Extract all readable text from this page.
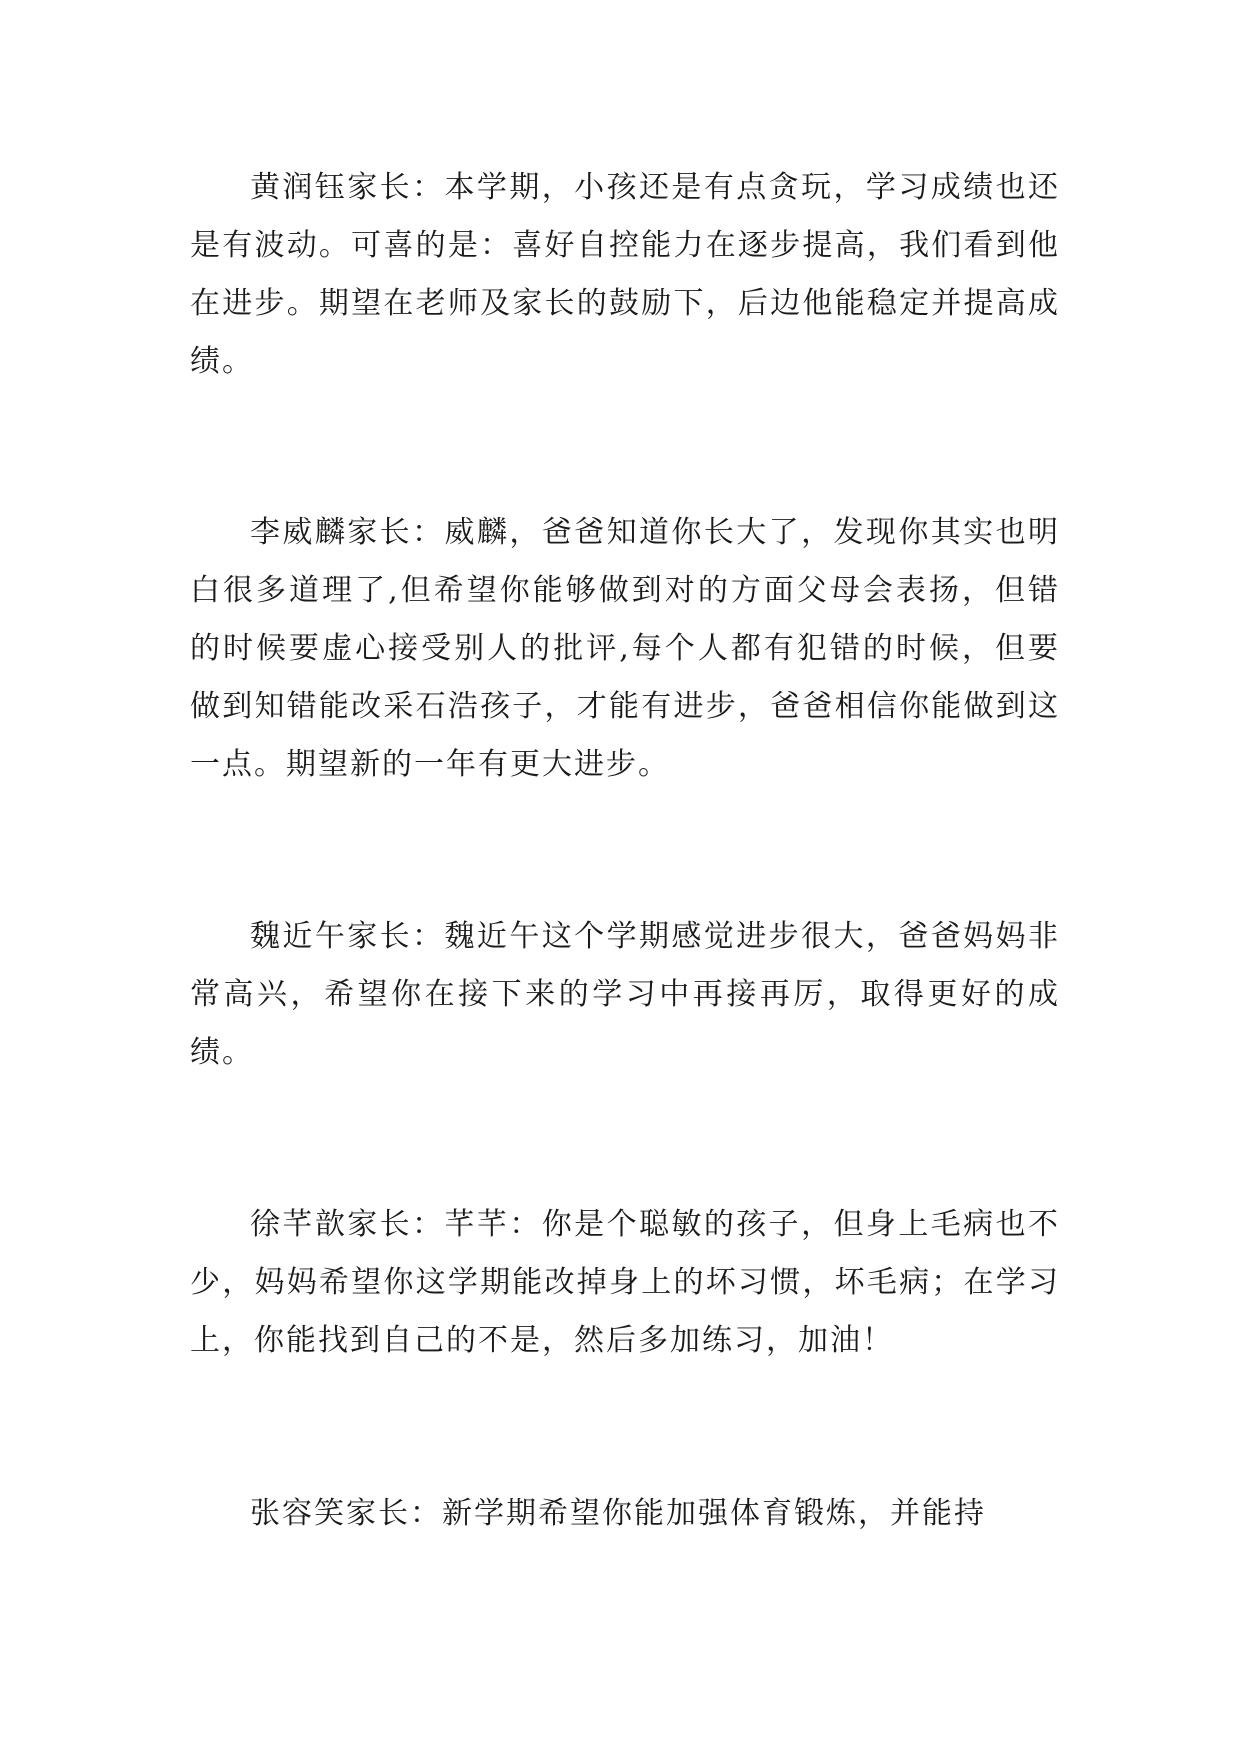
黄润钰家长：本学期，小孩还是有点贪玩，学习成绩也还是有波动。可喜的是：喜好自控能力在逐步提高，我们看到他在进步。期望在老师及家长的鼓励下，后边他能稳定并提高成绩。

李威麟家长：威麟，爸爸知道你长大了，发现你其实也明白很多道理了,但希望你能够做到对的方面父母会表扬，但错的时候要虚心接受别人的批评,每个人都有犯错的时候，但要做到知错能改采石浩孩子，才能有进步，爸爸相信你能做到这一点。期望新的一年有更大进步。

魏近午家长：魏近午这个学期感觉进步很大，爸爸妈妈非常高兴，希望你在接下来的学习中再接再厉，取得更好的成绩。

徐芊歆家长：芊芊：你是个聪敏的孩子，但身上毛病也不少，妈妈希望你这学期能改掉身上的坏习惯，坏毛病；在学习上，你能找到自己的不是，然后多加练习，加油！

张容笑家长：新学期希望你能加强体育锻炼，并能持
